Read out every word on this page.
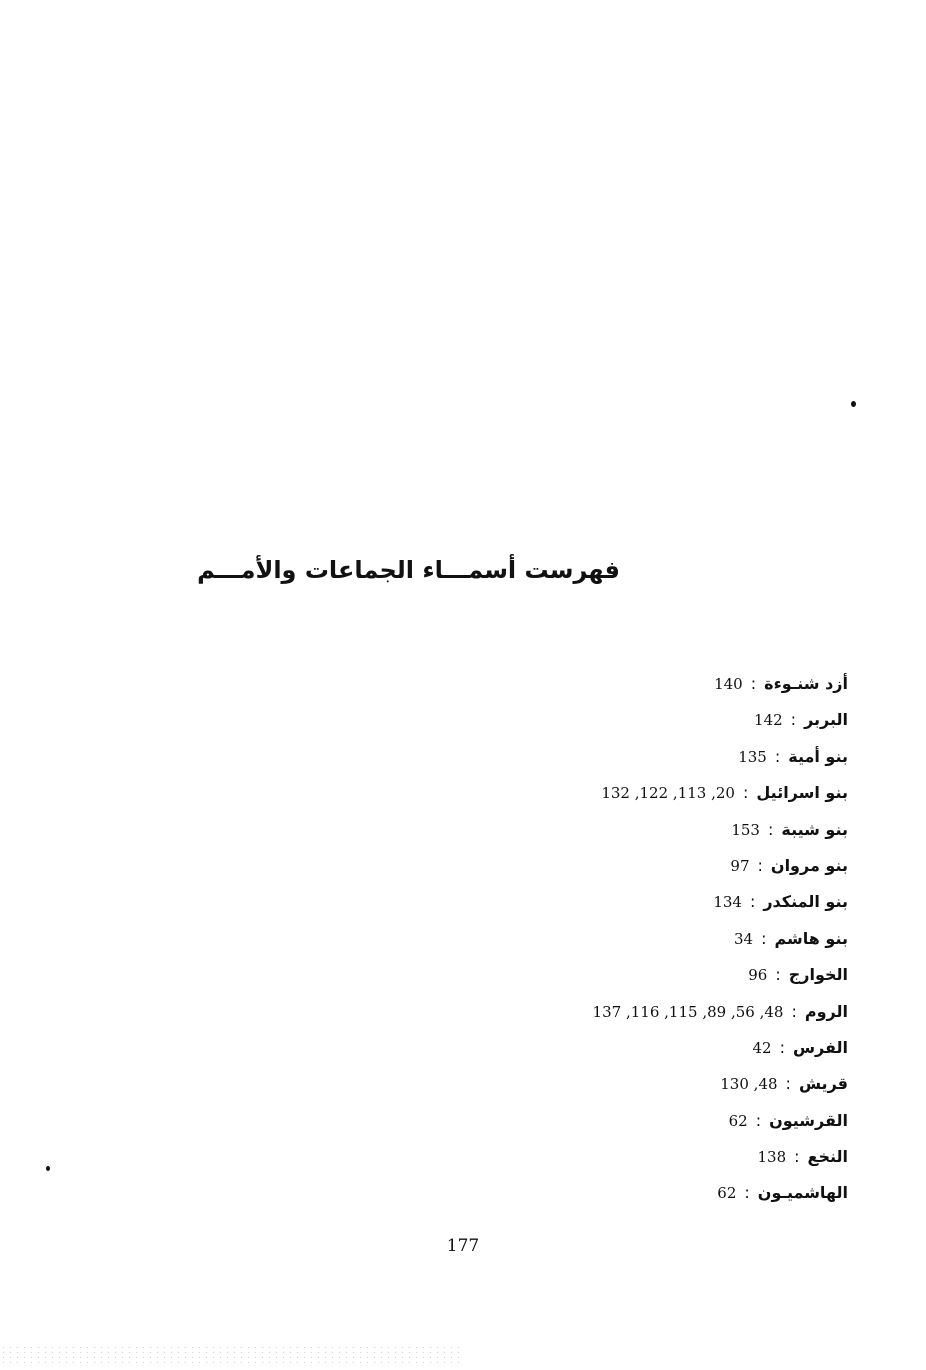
فهرست أسمـــاء الجماعات والأمـــم
أزد شنـوءة:140
البربر:142
بنو أمية:135
بنو اسرائيل:20, 113, 122, 132
بنو شيبة:153
بنو مروان:97
بنو المنكدر:134
بنو هاشم:34
الخوارج:96
الروم:48, 56, 89, 115, 116, 137
الفرس:42
قريش:48, 130
القرشيون:62
النخع:138
الهاشميـون:62
177
